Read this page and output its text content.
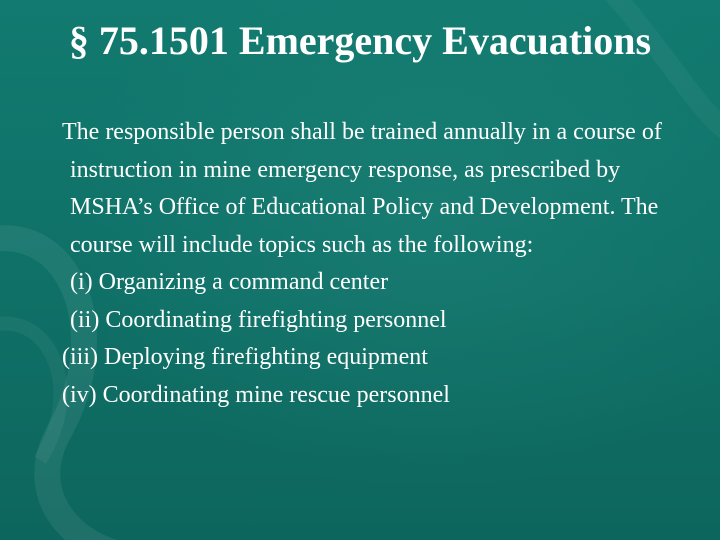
§ 75.1501 Emergency Evacuations

The responsible person shall be trained annually in a course of instruction in mine emergency response, as prescribed by MSHA’s Office of Educational Policy and Development. The course will include topics such as the following:

(i) Organizing a command center

(ii) Coordinating firefighting personnel

(iii) Deploying firefighting equipment

(iv) Coordinating mine rescue personnel
